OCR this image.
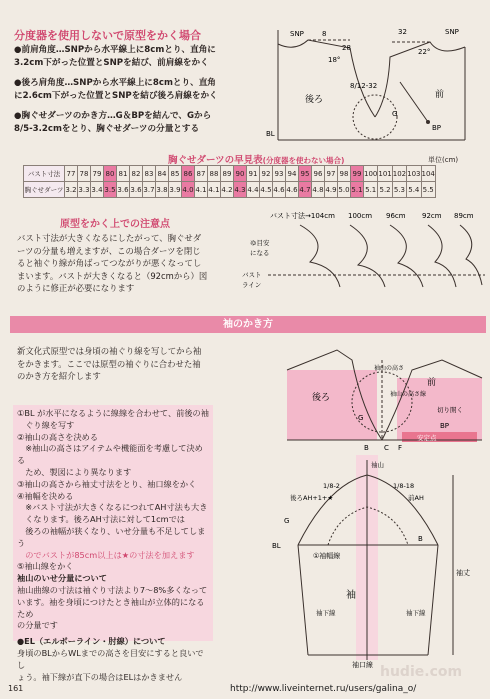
分度器を使用しないで原型をかく場合
●前肩角度…SNPから水平線上に8cmとり、直角に
3.2cm下がった位置とSNPを結び、前肩線をかく
●後ろ肩角度…SNPから水平線上に8cmとり、直角
に2.6cm下がった位置とSNPを結び後ろ肩線をかく
●胸ぐせダーツのかき方…G＆BPを結んで、Gから
8/5-3.2cmをとり、胸ぐせダーツの分量とする
SNP	8
28
18°
22°
32	SNP
後ろ	前
8/12-32
G
BP
BL
胸ぐせダーツの早見表(分度器を使わない場合)	単位(cm)
バスト寸法	77	78	79	80	81	82	83	84	85	86	87	88	89	90	91	92	93	94	95	96	97	98	99	100	101	102	103	104
胸ぐせダーツ	3.2	3.3	3.4	3.5	3.6	3.6	3.7	3.8	3.9	4.0	4.1	4.1	4.2	4.3	4.4	4.5	4.6	4.6	4.7	4.8	4.9	5.0	5.1	5.1	5.2	5.3	5.4	5.5
原型をかく上での注意点
バスト寸法が大きくなるにしたがって、胸ぐせダ
ーツの分量も増えますが、この場合ダーツを閉じ
ると袖ぐり線が角ばってつながりが悪くなってし
まいます。バストが大きくなると（92cmから）図
のように修正が必要になります
バスト寸法→104cm 100cm 96cm 92cm 89cm
ゆ目安
になる
バスト
ライン
袖のかき方
新文化式原型では身頃の袖ぐり線を写してから袖
をかきます。ここでは原型の袖ぐりに合わせた袖
のかき方を紹介します
後ろ
前
袖山の高さ
G
切り開く
BP
安定点
袖山の高さ線
F
C
B
①BL が水平になるように線線を合わせて、前後の袖
　ぐり線を写す
②袖山の高さを決める
　※袖山の高さはアイテムや機能面を考慮して決める
　ため、製図により異なります
③袖山の高さから袖丈寸法をとり、袖口線をかく
④袖幅を決める
　※バスト寸法が大きくなるにつれてAH寸法も大き
　くなります。後ろAH寸法に対して1cmでは
　後ろの袖幅が狭くなり、いせ分量も不足してしまう
　のでバストが85cm以上は★の寸法を加えます
⑤袖山線をかく
袖山のいせ分量について
袖山曲線の寸法は袖ぐり寸法より7〜8%多くなって
います。袖を身頃につけたとき袖山が立体的になるため
の分量です
●EL（エルボーライン・肘線）について
身頃のBLからWLまでの高さを目安にすると良いでし
ょう。袖下線が直下の場合はELはかきません
袖山
後ろAH+1+★	前AH
1/8-2	1/8-18
G
BL
B
①袖幅線
袖
袖下線	袖下線
袖丈
袖口線
161	http://www.liveinternet.ru/users/galina_o/
hudie.com
